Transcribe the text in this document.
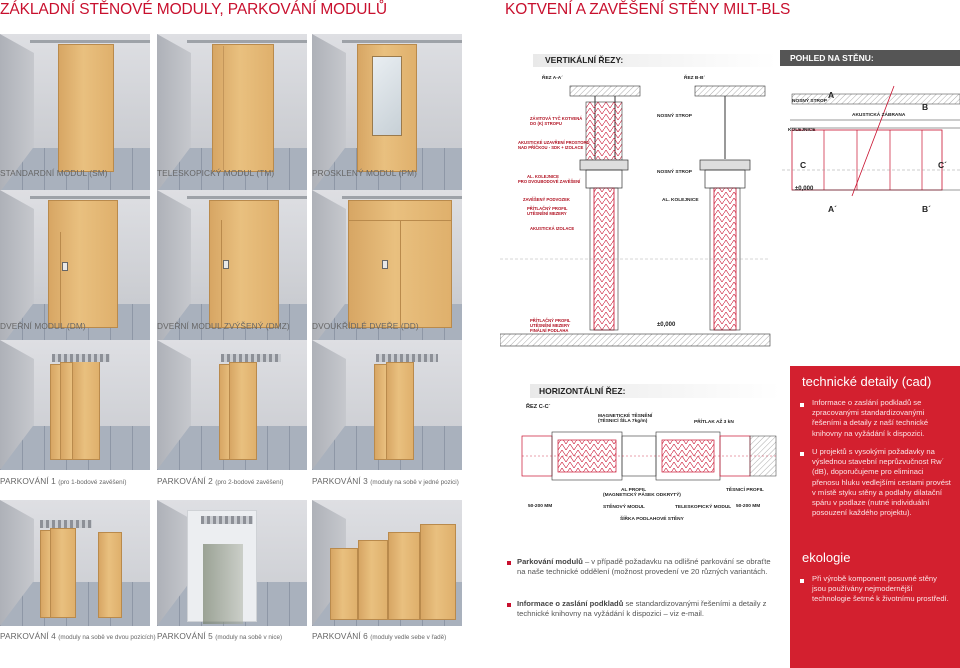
ZÁKLADNÍ STĚNOVÉ MODULY, PARKOVÁNÍ MODULŮ	KOTVENÍ A ZAVĚŠENÍ STĚNY MILT-BLS
STANDARDNÍ MODUL (SM)	TELESKOPICKÝ MODUL (TM)	PROSKLENÝ MODUL (PM)
DVEŘNÍ MODUL (DM)	DVEŘNÍ MODUL ZVÝŠENÝ (DMZ)	DVOUKŘÍDLÉ DVEŘE (DD)
PARKOVÁNÍ 1 (pro 1-bodové zavěšení)	PARKOVÁNÍ 2 (pro 2-bodové zavěšení)	PARKOVÁNÍ 3 (moduly na sobě v jedné pozici)
PARKOVÁNÍ 4 (moduly na sobě ve dvou pozicích) PARKOVÁNÍ 5 (moduly na sobě v nice)	PARKOVÁNÍ 6 (moduly vedle sebe v řadě)
VERTIKÁLNÍ ŘEZY:
ŘEZ A-A´	ŘEZ B-B´
ZÁVITOVÁ TYČ KOTVENÁ
DO (K) STROPU
AKUSTICKÉ UZAVŘENÍ PROSTORU
NAD PŘÍČKOU - SDK + IZOLACE
AL. KOLEJNICE
PRO DVOUBODOVÉ ZAVĚŠENÍ
ZAVĚŠENÝ PODVOZEK
PŘÍTLAČNÝ PROFIL
UTĚSNĚNÍ MEZERY
AKUSTICKÁ IZOLACE
PŘÍTLAČNÝ PROFIL
UTĚSNĚNÍ MEZERY
FINÁLNÍ PODLAHA
NOSNÝ STROP
NOSNÝ STROP
AL. KOLEJNICE
±0,000
POHLED NA STĚNU:
NOSNÝ STROP
A
B
AKUSTICKÁ ZÁBRANA
KOLEJNICE
C	C´
±0,000
A´	B´
HORIZONTÁLNÍ ŘEZ:
ŘEZ C-C´
MAGNETICKÉ TĚSNĚNÍ
(TĚSNICÍ ŠÍLA 7kg/m)	PŘÍTLAK AŽ 3 kN
AL PROFIL
(MAGNETICKÝ PÁSEK ODKRYTÝ)
TĚSNICÍ PROFIL
50-200 MM	STĚNOVÝ MODUL	TELESKOPICKÝ MODUL 50-200 MM
ŠÍŘKA PODLAHOVÉ STĚNY

Parkování modulů – v případě požadavku na odlišné parkování se obraťte na naše technické oddělení (možnost provedení ve 20 různých variantách.

Informace o zaslání podkladů se standardizovanými řešeními a detaily z technické knihovny na vyžádání k dispozici – viz e-mail.

technické detaily (cad)

Informace o zaslání podkladů se zpracovanými standardizovanými řešeními a detaily z naší technické knihovny na vyžádání k dispozici.

U projektů s vysokými požadavky na výslednou stavební neprůzvučnost Rw´ (dB), doporučujeme pro eliminaci přenosu hluku vedlejšími cestami provést v místě styku stěny a podlahy dilatační spáru v podlaze (nutné individuální posouzení každého projektu).

ekologie

Při výrobě komponent posuvné stěny jsou používány nejmodernější technologie šetrné k životnímu prostředí.
